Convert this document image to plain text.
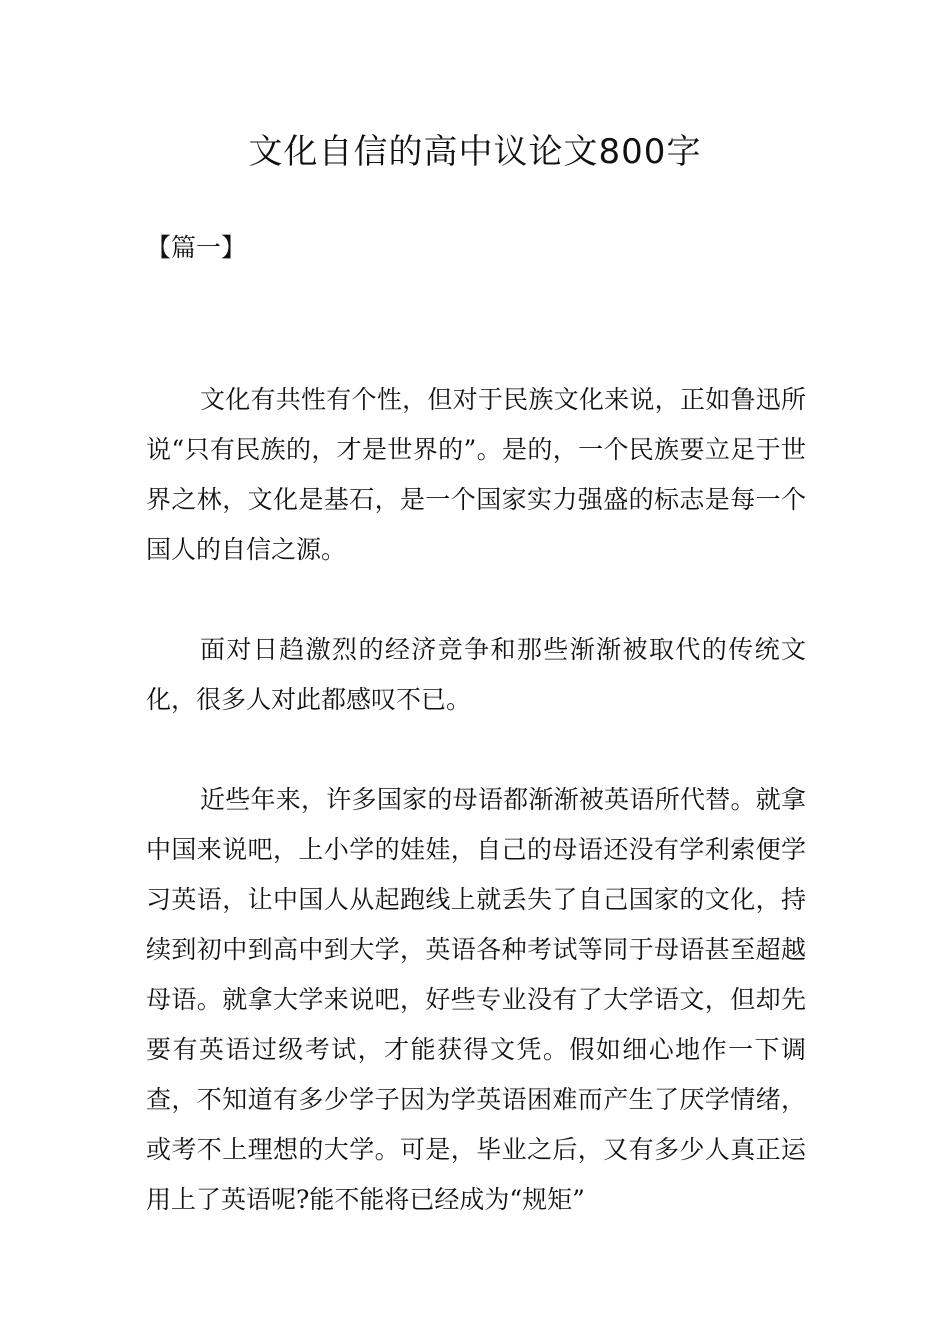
文化自信的高中议论文800字

【篇一】

文化有共性有个性，但对于民族文化来说，正如鲁迅所说“只有民族的，才是世界的”。是的，一个民族要立足于世界之林，文化是基石，是一个国家实力强盛的标志是每一个国人的自信之源。

面对日趋激烈的经济竞争和那些渐渐被取代的传统文化，很多人对此都感叹不已。

近些年来，许多国家的母语都渐渐被英语所代替。就拿中国来说吧，上小学的娃娃，自己的母语还没有学利索便学习英语，让中国人从起跑线上就丢失了自己国家的文化，持续到初中到高中到大学，英语各种考试等同于母语甚至超越母语。就拿大学来说吧，好些专业没有了大学语文，但却先要有英语过级考试，才能获得文凭。假如细心地作一下调查，不知道有多少学子因为学英语困难而产生了厌学情绪，或考不上理想的大学。可是，毕业之后，又有多少人真正运用上了英语呢?能不能将已经成为“规矩”
